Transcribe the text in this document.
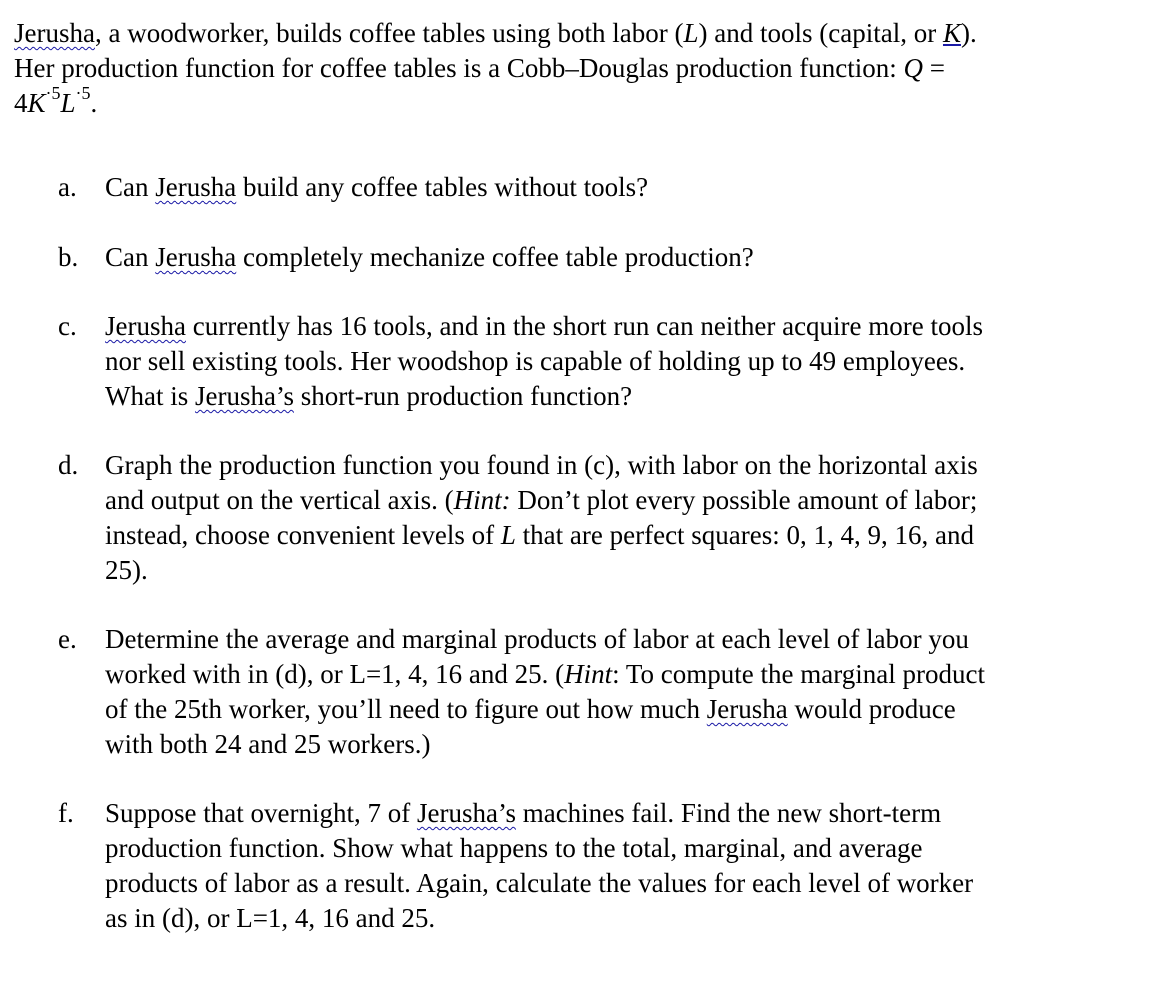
Jerusha, a woodworker, builds coffee tables using both labor (L) and tools (capital, or K).
Her production function for coffee tables is a Cobb–Douglas production function: Q =
$4K^{\cdot 5}L^{\cdot 5}$.

a.	Can Jerusha build any coffee tables without tools?
b. Can Jerusha completely mechanize coffee table production?
c.	Jerusha currently has 16 tools, and in the short run can neither acquire more tools
nor sell existing tools. Her woodshop is capable of holding up to 49 employees.
What is Jerusha’s short-run production function?
d. Graph the production function you found in (c), with labor on the horizontal axis
and output on the vertical axis. (Hint: Don’t plot every possible amount of labor;
instead, choose convenient levels of L that are perfect squares: 0, 1, 4, 9, 16, and
25).
e.	Determine the average and marginal products of labor at each level of labor you
worked with in (d), or L=1, 4, 16 and 25. (Hint: To compute the marginal product
of the 25th worker, you’ll need to figure out how much Jerusha would produce
with both 24 and 25 workers.)
f.	Suppose that overnight, 7 of Jerusha’s machines fail. Find the new short-term
production function. Show what happens to the total, marginal, and average
products of labor as a result. Again, calculate the values for each level of worker
as in (d), or L=1, 4, 16 and 25.
